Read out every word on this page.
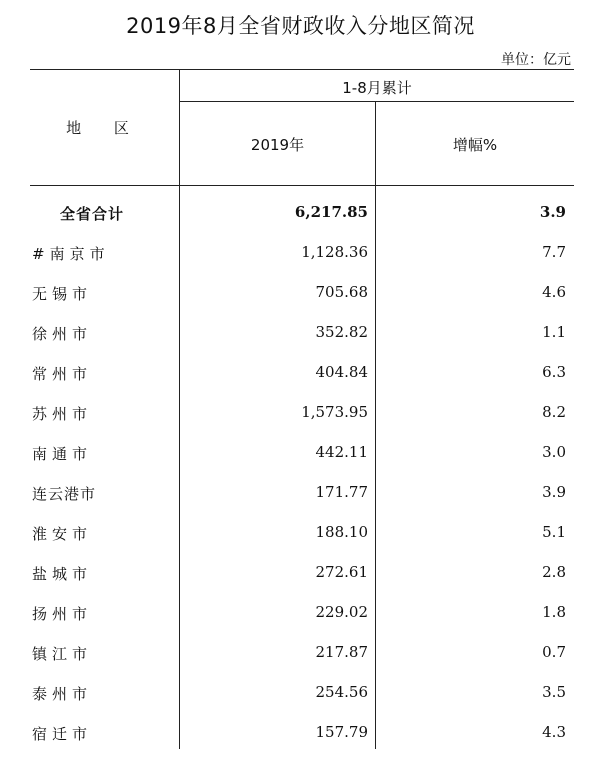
2019年8月全省财政收入分地区简况
单位：亿元
地 区
1-8月累计
2019年	增幅%
全省合计	6,217.85	3.9
#南京市	1,128.36	7.7
无锡市	705.68	4.6
徐州市	352.82	1.1
常州市	404.84	6.3
苏州市	1,573.95	8.2
南通市	442.11	3.0
连云港市	171.77	3.9
淮安市	188.10	5.1
盐城市	272.61	2.8
扬州市	229.02	1.8
镇江市	217.87	0.7
泰州市	254.56	3.5
宿迁市	157.79	4.3
